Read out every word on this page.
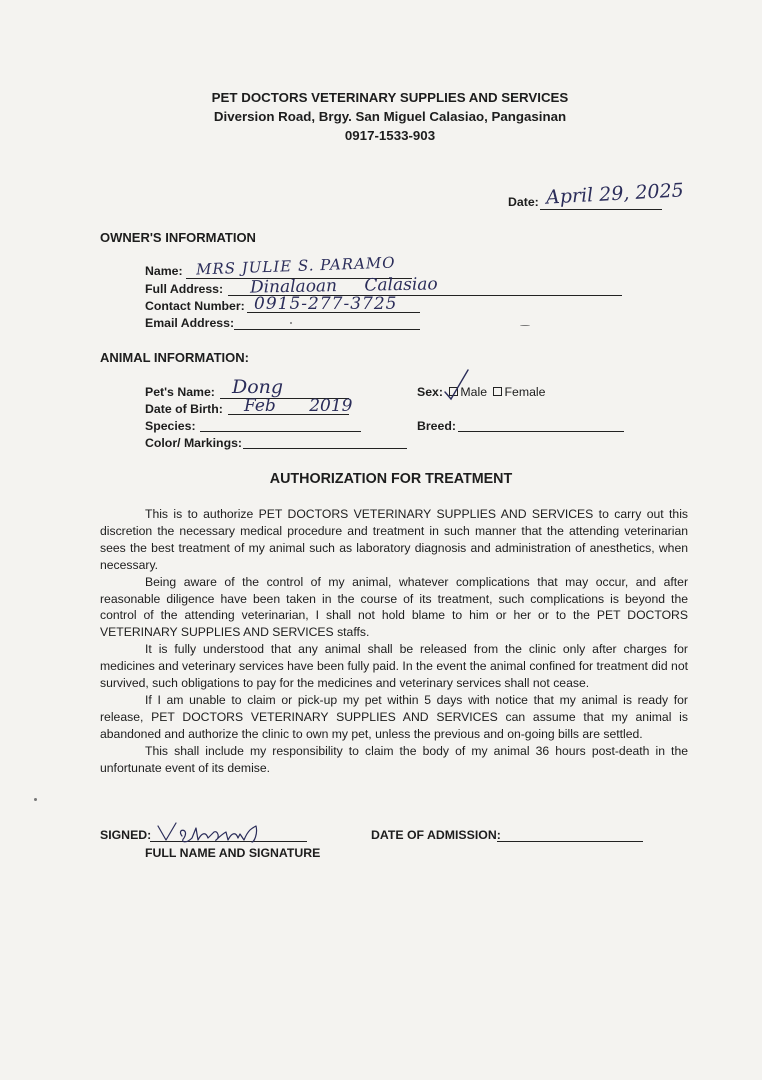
PET DOCTORS VETERINARY SUPPLIES AND SERVICES
Diversion Road, Brgy. San Miguel Calasiao, Pangasinan
0917-1533-903
Date: April 29, 2025
OWNER'S INFORMATION
Name: MRS JULIE S. PARAMO
Full Address: Dinalaoan Calasiao
Contact Number: 0915-277-3725
Email Address:
ANIMAL INFORMATION:
Pet's Name: Dong
Date of Birth: Feb 2019
Species:
Color/ Markings:
Sex: Male Female
Breed:
AUTHORIZATION FOR TREATMENT

This is to authorize PET DOCTORS VETERINARY SUPPLIES AND SERVICES to carry out this discretion the necessary medical procedure and treatment in such manner that the attending veterinarian sees the best treatment of my animal such as laboratory diagnosis and administration of anesthetics, when necessary.

Being aware of the control of my animal, whatever complications that may occur, and after reasonable diligence have been taken in the course of its treatment, such complications is beyond the control of the attending veterinarian, I shall not hold blame to him or her or to the PET DOCTORS VETERINARY SUPPLIES AND SERVICES staffs.

It is fully understood that any animal shall be released from the clinic only after charges for medicines and veterinary services have been fully paid. In the event the animal confined for treatment did not survived, such obligations to pay for the medicines and veterinary services shall not cease.

If I am unable to claim or pick-up my pet within 5 days with notice that my animal is ready for release, PET DOCTORS VETERINARY SUPPLIES AND SERVICES can assume that my animal is abandoned and authorize the clinic to own my pet, unless the previous and on-going bills are settled.

This shall include my responsibility to claim the body of my animal 36 hours post-death in the unfortunate event of its demise.

SIGNED:
FULL NAME AND SIGNATURE
DATE OF ADMISSION:
